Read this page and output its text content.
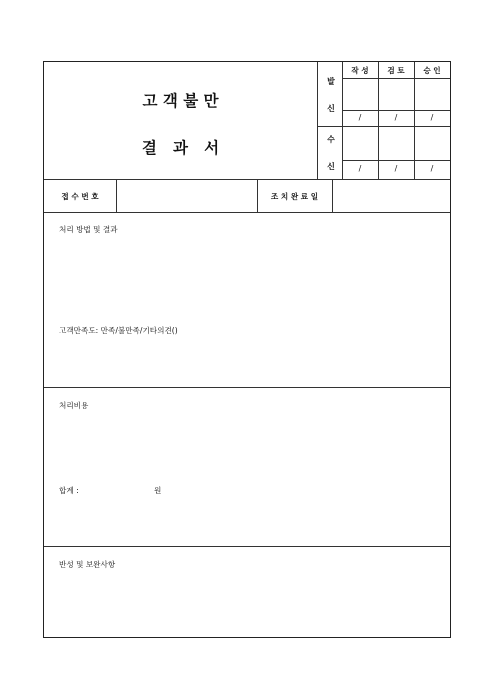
고 객 불 만
결   과   서
발
신
수
신
작 성	검 토	승 인
/	/	/
/	/	/
접 수 번 호	조 치 완 료 일
처리 방법 및 결과
고객만족도: 만족/불만족/기타의견()
처리비용
합계 :	원
반성 및 보완사항
